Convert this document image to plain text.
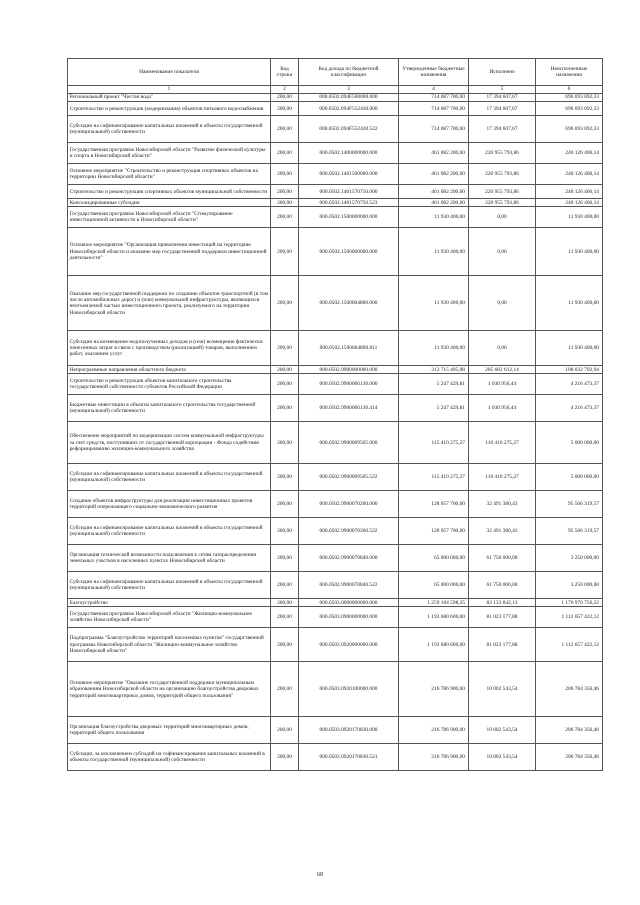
Наименование показателя	Код строки	Код дохода по бюджетной классификации	Утвержденные бюджетные назначения	Исполнено	Неисполненные назначения
1	2	3	4	5	6
Региональный проект "Чистая вода"	200,00	000.0502.094F500000.000	714 087 700,00	17 394 607,67	696 693 092,33
Строительство и реконструкция (модернизация) объектов питьевого водоснабжения	200,00	000.0502.094F552430.000	714 087 700,00	17 394 607,67	696 693 092,33
Субсидии на софинансирование капитальных вложений в объекты государственной (муниципальной) собственности	200,00	000.0502.094F552430.522	714 087 700,00	17 394 607,67	696 693 092,33
Государственная программа Новосибирской области "Развитие физической культуры и спорта в Новосибирской области"	200,00	000.0502.1400000000.000	461 082 200,00	220 955 793,86	240 126 406,14
Основное мероприятие "Строительство и реконструкция спортивных объектов на территории Новосибирской области"	200,00	000.0502.1401500000.000	461 082 200,00	220 955 793,86	240 126 406,14
Строительство и реконструкция спортивных объектов муниципальной собственности	200,00	000.0502.1401570750.000	461 082 200,00	220 955 793,86	240 126 406,14
Консолидированные субсидии	200,00	000.0502.1401570750.523	461 082 200,00	220 955 793,86	240 126 406,14
Государственная программа Новосибирской области "Стимулирование инвестиционной активности в Новосибирской области"	200,00	000.0502.1500000000.000	11 930 400,00	0,00	11 930 400,00
Основное мероприятие "Организация привлечения инвестиций на территорию Новосибирской области и оказание мер государственной поддержки инвестиционной деятельности"	200,00	000.0502.1500600000.000	11 930 400,00	0,00	11 930 400,00
Оказание мер государственной поддержки по созданию объектов транспортной (в том числе автомобильных дорог) и (или) коммунальной инфраструктуры, являющихся неотъемлемой частью инвестиционного проекта, реализуемого на территории Новосибирской области	200,00	000.0502.1500604860.000	11 930 400,00	0,00	11 930 400,00
Субсидии на возмещение недополученных доходов и (или) возмещение фактически понесенных затрат в связи с производством (реализацией) товаров, выполнением работ, оказанием услуг	200,00	000.0502.1500604860.811	11 930 400,00	0,00	11 930 400,00
Непрограммные направления областного бюджета	200,00	000.0502.9900000000.000	313 715 405,08	205 682 612,14	108 032 792,94
Строительство и реконструкция объектов капитального строительства государственной собственности субъектов Российской Федерации	200,00	000.0502.9900006130.000	5 247 429,81	1 030 956,44	4 216 473,37
Бюджетные инвестиции в объекты капитального строительства государственной (муниципальной) собственности	200,00	000.0502.9900006130.414	5 247 429,81	1 030 956,44	4 216 473,37
Обеспечение мероприятий по модернизации систем коммунальной инфраструктуры за счет средств, поступивших от государственной корпорации - Фонда содействия реформированию жилищно-коммунального хозяйства	200,00	000.0502.9900009505.000	115 410 275,27	110 410 275,27	5 000 000,00
Субсидии на софинансирование капитальных вложений в объекты государственной (муниципальной) собственности	200,00	000.0502.9900009505.522	115 410 275,27	110 410 275,27	5 000 000,00
Создание объектов инфраструктуры для реализации инвестиционных проектов территорий опережающего социально-экономического развития	200,00	000.0502.9900070260.000	128 057 700,00	32 491 380,43	95 566 319,57
Субсидии на софинансирование капитальных вложений в объекты государственной (муниципальной) собственности	200,00	000.0502.9900070260.522	128 057 700,00	32 491 380,43	95 566 319,57
Организация технической возможности подключения к сетям газораспределения земельных участков в населенных пунктах Новосибирской области	200,00	000.0502.9900070840.000	65 000 000,00	61 750 000,00	3 250 000,00
Субсидии на софинансирование капитальных вложений в объекты государственной (муниципальной) собственности	200,00	000.0502.9900070840.522	65 000 000,00	61 750 000,00	3 250 000,00
Благоустройство	200,00	000.0503.0000000000.000	1 259 104 598,35	82 133 842,13	1 176 970 756,22
Государственная программа Новосибирской области "Жилищно-коммунальное хозяйство Новосибирской области"	200,00	000.0503.0900000000.000	1 193 680 600,00	81 023 177,88	1 112 657 422,12
Подпрограмма "Благоустройство территорий населенных пунктов" государственной программы Новосибирской области "Жилищно-коммунальное хозяйство Новосибирской области"	200,00	000.0503.0920000000.000	1 193 680 600,00	81 023 177,88	1 112 657 422,12
Основное мероприятие "Оказание государственной поддержки муниципальным образованиям Новосибирской области на организацию благоустройства дворовых территорий многоквартирных домов, территорий общего пользования"	200,00	000.0503.0920100000.000	216 786 900,00	10 002 543,54	206 784 356,46
Организация благоустройства дворовых территорий многоквартирных домов, территорий общего пользования	200,00	000.0503.0920170830.000	216 786 900,00	10 002 543,54	206 784 356,46
Субсидии, за исключением субсидий на софинансирование капитальных вложений в объекты государственной (муниципальной) собственности	200,00	000.0503.0920170830.521	216 786 900,00	10 002 543,54	206 784 356,46
68
